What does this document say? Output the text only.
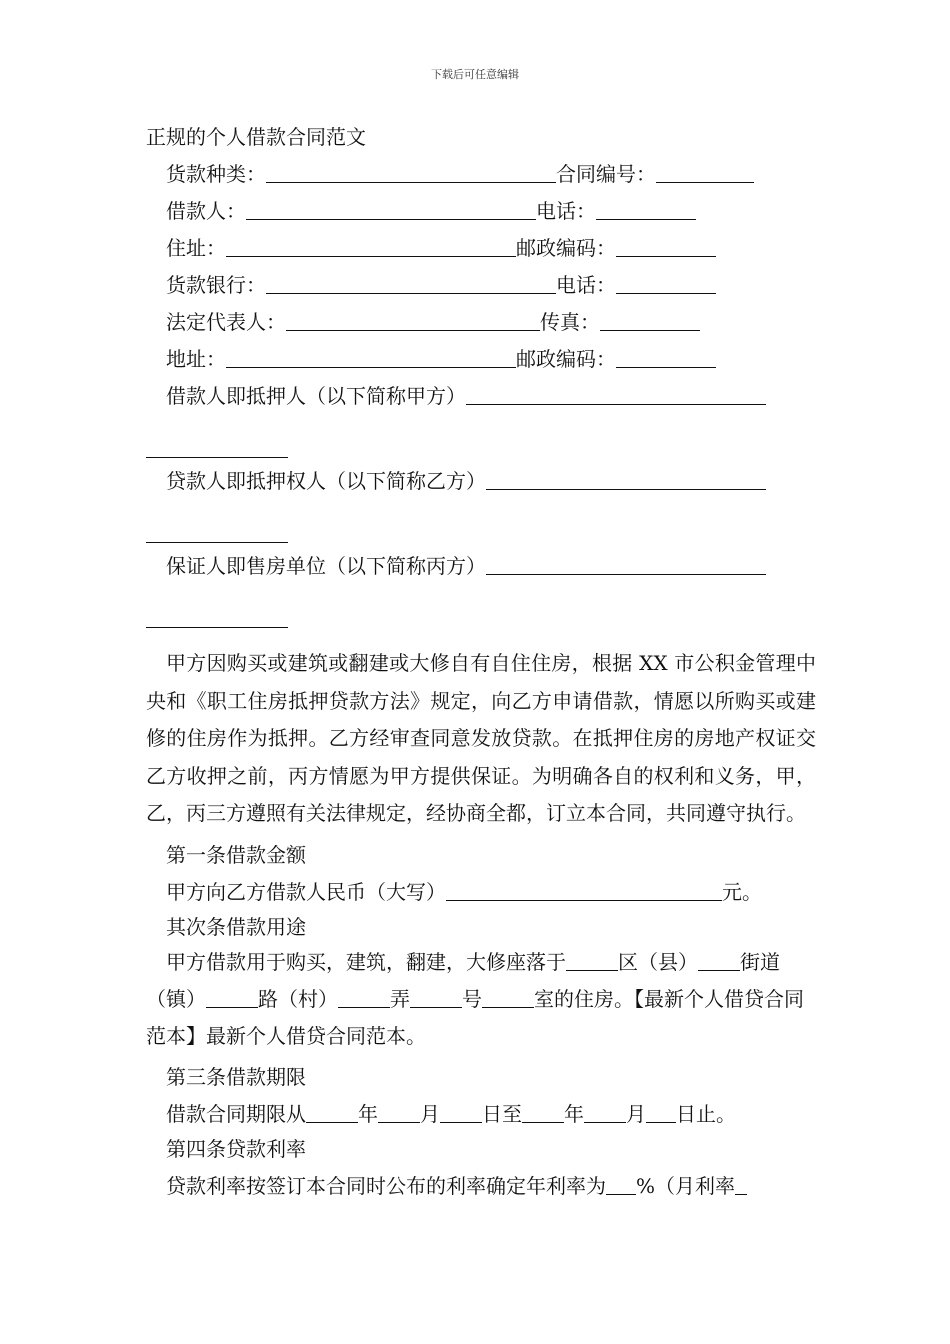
下载后可任意编辑
正规的个人借款合同范文
货款种类：	合同编号：
借款人：	电话：
住址：	邮政编码：
货款银行：	电话：
法定代表人：	传真：
地址：	邮政编码：
借款人即抵押人（以下简称甲方）
贷款人即抵押权人（以下简称乙方）
保证人即售房单位（以下简称丙方）
甲方因购买或建筑或翻建或大修自有自住住房，根据 XX 市公积金管理中央和《职工住房抵押贷款方法》规定，向乙方申请借款，情愿以所购买或建修的住房作为抵押。乙方经审查同意发放贷款。在抵押住房的房地产权证交乙方收押之前，丙方情愿为甲方提供保证。为明确各自的权利和义务，甲，乙，丙三方遵照有关法律规定，经协商全都，订立本合同，共同遵守执行。
第一条借款金额
甲方向乙方借款人民币（大写）	元。
其次条借款用途
甲方借款用于购买，建筑，翻建，大修座落于	区（县） 街道（镇）	路（村）	弄	号	室的住房。【最新个人借贷合同范本】最新个人借贷合同范本。
第三条借款期限
借款合同期限从	年 月 日至 年 月 日止。
第四条贷款利率
贷款利率按签订本合同时公布的利率确定年利率为 %（月利率
